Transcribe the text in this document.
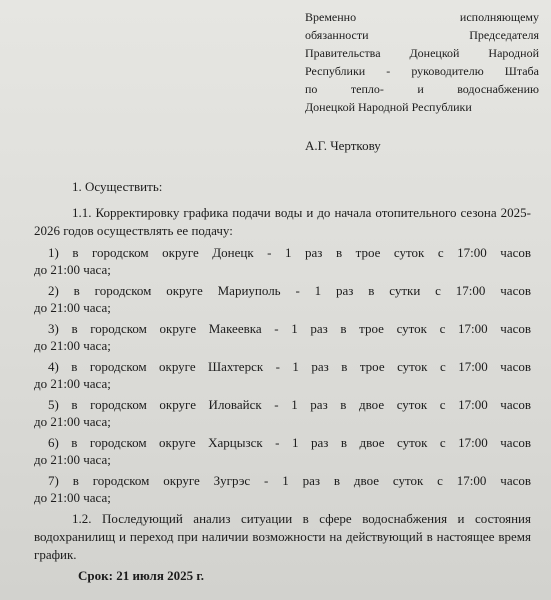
Временно исполняющему
обязанности Председателя
Правительства Донецкой Народной
Республики - руководителю Штаба
по тепло- и водоснабжению
Донецкой Народной Республики
А.Г. Черткову

1. Осуществить:

1.1. Корректировку графика подачи воды и до начала отопительного сезона 2025-2026 годов осуществлять ее подачу:

1) в городском округе Донецк - 1 раз в трое суток с 17:00 часов
до 21:00 часа;
2) в городском округе Мариуполь - 1 раз в сутки с 17:00 часов
до 21:00 часа;
3) в городском округе Макеевка - 1 раз в трое суток с 17:00 часов
до 21:00 часа;
4) в городском округе Шахтерск - 1 раз в трое суток с 17:00 часов
до 21:00 часа;
5) в городском округе Иловайск - 1 раз в двое суток с 17:00 часов
до 21:00 часа;
6) в городском округе Харцызск - 1 раз в двое суток с 17:00 часов
до 21:00 часа;
7) в городском округе Зугрэс - 1 раз в двое суток с 17:00 часов
до 21:00 часа;

1.2. Последующий анализ ситуации в сфере водоснабжения и состояния водохранилищ и переход при наличии возможности на действующий в настоящее время график.

Срок: 21 июля 2025 г.
